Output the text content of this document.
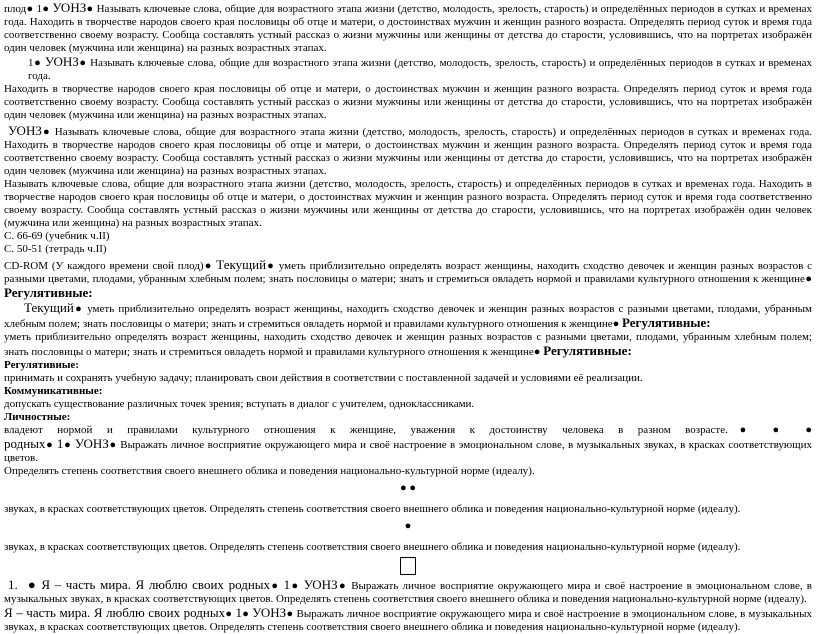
плод● 1● УОНЗ● Называть ключевые слова, общие для возрастного этапа жизни (детство, молодость, зрелость, старость) и определённых периодов в сутках и временах года. Находить в творчестве народов своего края пословицы об отце и матери, о достоинствах мужчин и женщин разного возраста. Определять период суток и время года соответственно своему возрасту. Сообща составлять устный рассказ о жизни мужчины или женщины от детства до старости, условившись, что на портретах изображён один человек (мужчина или женщина) на разных возрастных этапах.

1● УОНЗ● Называть ключевые слова, общие для возрастного этапа жизни (детство, молодость, зрелость, старость) и определённых периодов в сутках и временах года.

Находить в творчестве народов своего края пословицы об отце и матери, о достоинствах мужчин и женщин разного возраста. Определять период суток и время года соответственно своему возрасту. Сообща составлять устный рассказ о жизни мужчины или женщины от детства до старости, условившись, что на портретах изображён один человек (мужчина или женщина) на разных возрастных этапах.

УОНЗ● Называть ключевые слова, общие для возрастного этапа жизни (детство, молодость, зрелость, старость) и определённых периодов в сутках и временах года. Находить в творчестве народов своего края пословицы об отце и матери, о достоинствах мужчин и женщин разного возраста. Определять период суток и время года соответственно своему возрасту. Сообща составлять устный рассказ о жизни мужчины или женщины от детства до старости, условившись, что на портретах изображён один человек (мужчина или женщина) на разных возрастных этапах.

Называть ключевые слова, общие для возрастного этапа жизни (детство, молодость, зрелость, старость) и определённых периодов в сутках и временах года. Находить в творчестве народов своего края пословицы об отце и матери, о достоинствах мужчин и женщин разного возраста. Определять период суток и время года соответственно своему возрасту. Сообща составлять устный рассказ о жизни мужчины или женщины от детства до старости, условившись, что на портретах изображён один человек (мужчина или женщина) на разных возрастных этапах.

С. 66-69 (учебник ч.II)

С. 50-51 (тетрадь ч.II)

CD-ROM (У каждого времени свой плод)● Текущий● уметь приблизительно определять возраст женщины, находить сходство девочек и женщин разных возрастов с разными цветами, плодами, убранным хлебным полем; знать пословицы о матери; знать и стремиться овладеть нормой и правилами культурного отношения к женщине● Регулятивные:

Текущий● уметь приблизительно определять возраст женщины, находить сходство девочек и женщин разных возрастов с разными цветами, плодами, убранным хлебным полем; знать пословицы о матери; знать и стремиться овладеть нормой и правилами культурного отношения к женщине● Регулятивные:

уметь приблизительно определять возраст женщины, находить сходство девочек и женщин разных возрастов с разными цветами, плодами, убранным хлебным полем; знать пословицы о матери; знать и стремиться овладеть нормой и правилами культурного отношения к женщине● Регулятивные:

Регулятивные:

принимать и сохранять учебную задачу; планировать свои действия в соответствии с поставленной задачей и условиями её реализации.

Коммуникативные:

допускать существование различных точек зрения; вступать в диалог с учителем, одноклассниками.

Личностные:

владеют нормой и правилами культурного отношения к женщине, уважения к достоинству человека в разном возрасте.● ● ●

родных● 1● УОНЗ● Выражать личное восприятие окружающего мира и своё настроение в эмоциональном слове, в музыкальных звуках, в красках соответствующих цветов.

Определять степень соответствия своего внешнего облика и поведения национально-культурной норме (идеалу).

● ●

звуках, в красках соответствующих цветов. Определять степень соответствия своего внешнего облика и поведения национально-культурной норме (идеалу).

●

звуках, в красках соответствующих цветов. Определять степень соответствия своего внешнего облика и поведения национально-культурной норме (идеалу).

1. ● Я – часть мира. Я люблю своих родных● 1● УОНЗ● Выражать личное восприятие окружающего мира и своё настроение в эмоциональном слове, в музыкальных звуках, в красках соответствующих цветов. Определять степень соответствия своего внешнего облика и поведения национально-культурной норме (идеалу).

Я – часть мира. Я люблю своих родных● 1● УОНЗ● Выражать личное восприятие окружающего мира и своё настроение в эмоциональном слове, в музыкальных звуках, в красках соответствующих цветов. Определять степень соответствия своего внешнего облика и поведения национально-культурной норме (идеалу).
